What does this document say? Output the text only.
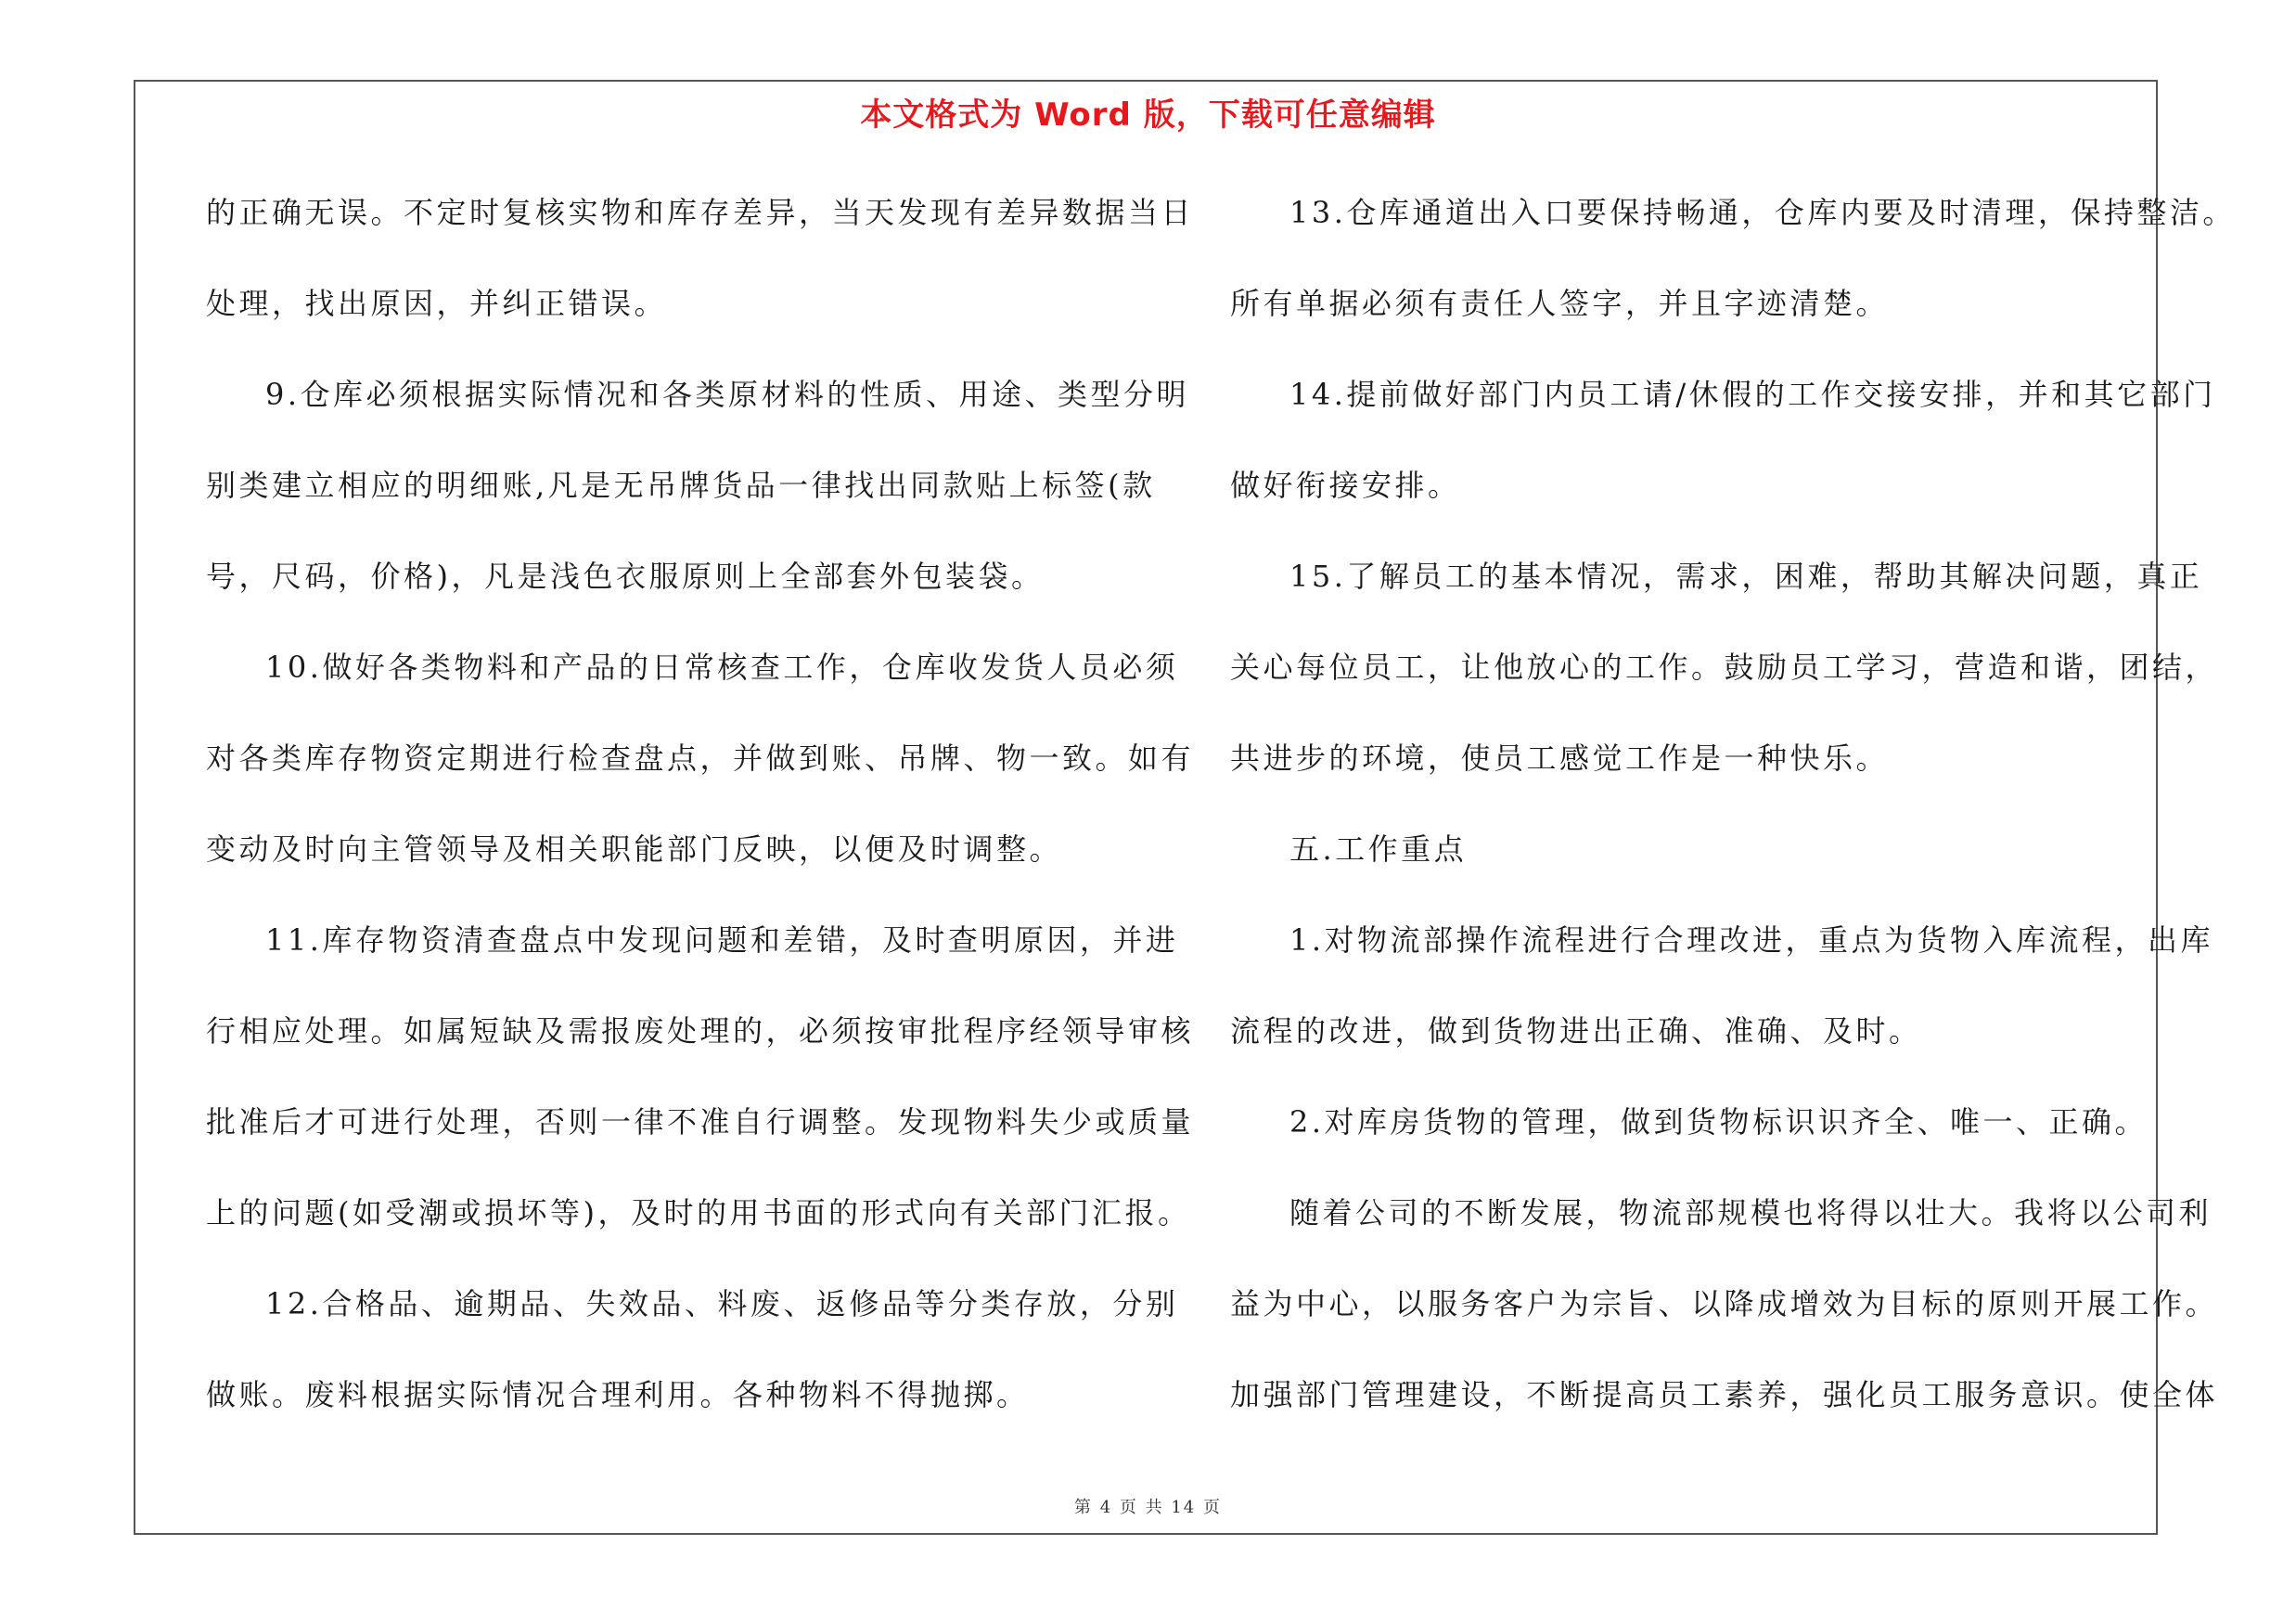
本文格式为 Word 版，下载可任意编辑

的正确无误。不定时复核实物和库存差异，当天发现有差异数据当日

处理，找出原因，并纠正错误。

9.仓库必须根据实际情况和各类原材料的性质、用途、类型分明

别类建立相应的明细账,凡是无吊牌货品一律找出同款贴上标签(款

号，尺码，价格)，凡是浅色衣服原则上全部套外包装袋。

10.做好各类物料和产品的日常核查工作，仓库收发货人员必须

对各类库存物资定期进行检查盘点，并做到账、吊牌、物一致。如有

变动及时向主管领导及相关职能部门反映，以便及时调整。

11.库存物资清查盘点中发现问题和差错，及时查明原因，并进

行相应处理。如属短缺及需报废处理的，必须按审批程序经领导审核

批准后才可进行处理，否则一律不准自行调整。发现物料失少或质量

上的问题(如受潮或损坏等)，及时的用书面的形式向有关部门汇报。

12.合格品、逾期品、失效品、料废、返修品等分类存放，分别

做账。废料根据实际情况合理利用。各种物料不得抛掷。

13.仓库通道出入口要保持畅通，仓库内要及时清理，保持整洁。

所有单据必须有责任人签字，并且字迹清楚。

14.提前做好部门内员工请/休假的工作交接安排，并和其它部门

做好衔接安排。

15.了解员工的基本情况，需求，困难，帮助其解决问题，真正

关心每位员工，让他放心的工作。鼓励员工学习，营造和谐，团结，

共进步的环境，使员工感觉工作是一种快乐。

五.工作重点

1.对物流部操作流程进行合理改进，重点为货物入库流程，出库

流程的改进，做到货物进出正确、准确、及时。

2.对库房货物的管理，做到货物标识识齐全、唯一、正确。

随着公司的不断发展，物流部规模也将得以壮大。我将以公司利

益为中心，以服务客户为宗旨、以降成增效为目标的原则开展工作。

加强部门管理建设，不断提高员工素养，强化员工服务意识。使全体

第 4 页 共 14 页
